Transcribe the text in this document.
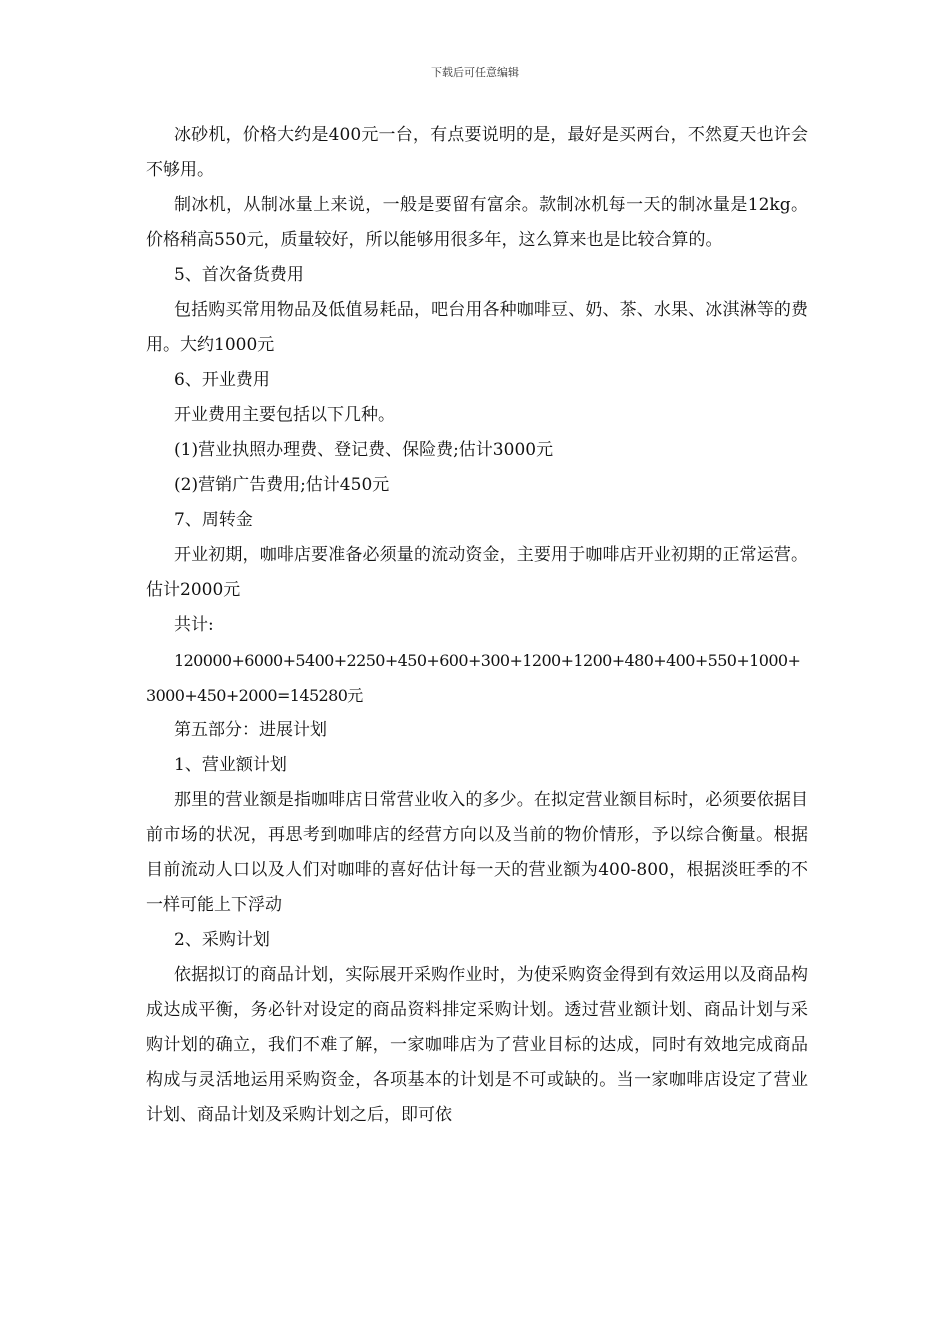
下载后可任意编辑

冰砂机，价格大约是400元一台，有点要说明的是，最好是买两台，不然夏天也许会不够用。

制冰机，从制冰量上来说，一般是要留有富余。款制冰机每一天的制冰量是12kg。价格稍高550元，质量较好，所以能够用很多年，这么算来也是比较合算的。

5、首次备货费用

包括购买常用物品及低值易耗品，吧台用各种咖啡豆、奶、茶、水果、冰淇淋等的费用。大约1000元

6、开业费用

开业费用主要包括以下几种。

(1)营业执照办理费、登记费、保险费;估计3000元

(2)营销广告费用;估计450元

7、周转金

开业初期，咖啡店要准备必须量的流动资金，主要用于咖啡店开业初期的正常运营。 估计2000元

共计:

120000+6000+5400+2250+450+600+300+1200+1200+480+400+550+1000+3000+450+2000=145280元

第五部分：进展计划

1、营业额计划

那里的营业额是指咖啡店日常营业收入的多少。在拟定营业额目标时，必须要依据目前市场的状况，再思考到咖啡店的经营方向以及当前的物价情形，予以综合衡量。根据目前流动人口以及人们对咖啡的喜好估计每一天的营业额为400-800，根据淡旺季的不一样可能上下浮动

2、采购计划

依据拟订的商品计划，实际展开采购作业时，为使采购资金得到有效运用以及商品构成达成平衡，务必针对设定的商品资料排定采购计划。透过营业额计划、商品计划与采购计划的确立，我们不难了解，一家咖啡店为了营业目标的达成，同时有效地完成商品构成与灵活地运用采购资金，各项基本的计划是不可或缺的。当一家咖啡店设定了营业计划、商品计划及采购计划之后，即可依
